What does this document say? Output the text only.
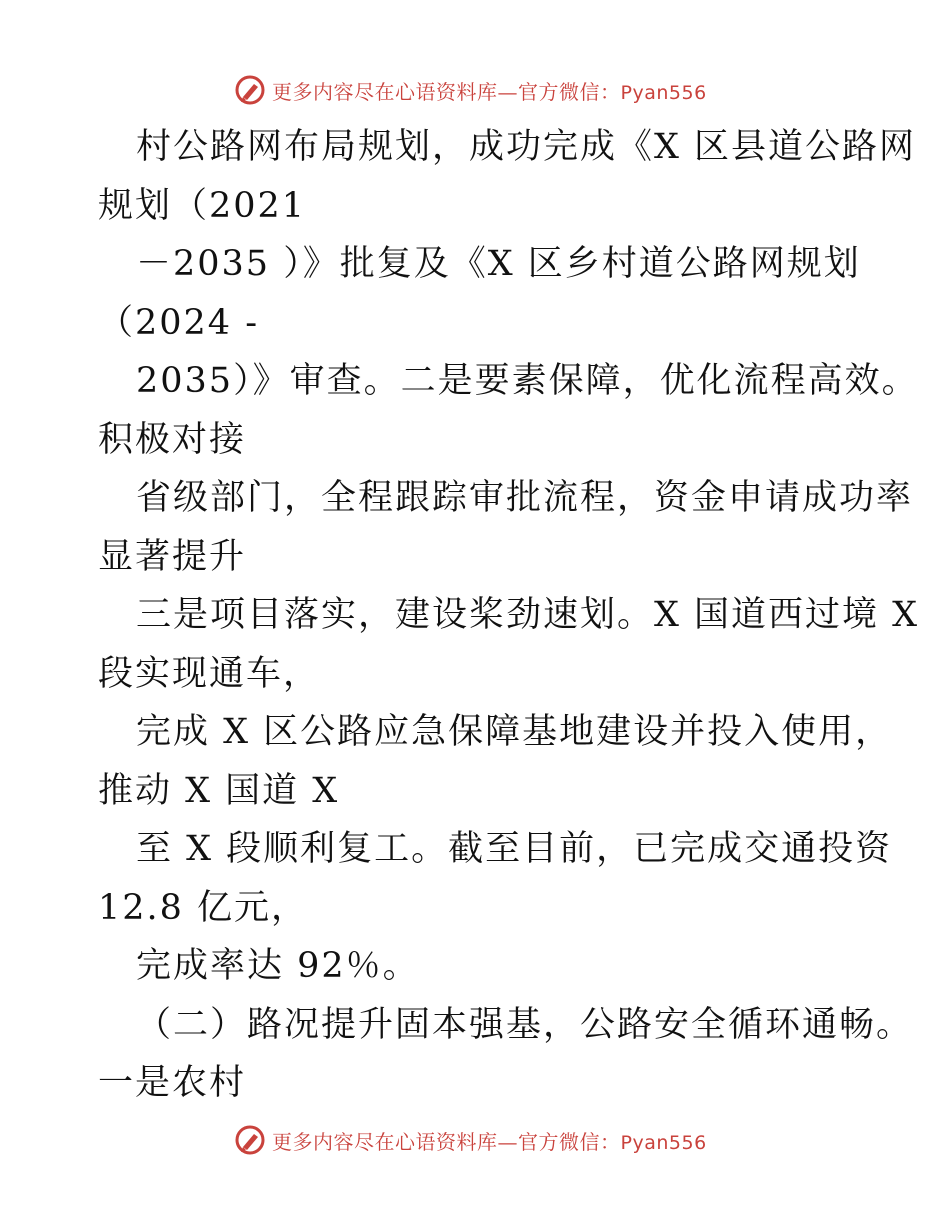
更多内容尽在心语资料库—官方微信：Pyan556
村公路网布局规划，成功完成《X 区县道公路网
规划（2021
－2035 ）》批复及《X 区乡村道公路网规划
（2024 -
2035）》审查。二是要素保障，优化流程高效。
积极对接
省级部门，全程跟踪审批流程，资金申请成功率
显著提升
三是项目落实，建设桨劲速划。X 国道西过境 X
段实现通车，
完成 X 区公路应急保障基地建设并投入使用，
推动 X 国道 X
至 X 段顺利复工。截至目前，已完成交通投资
12.8 亿元，
完成率达 92％。
（二）路况提升固本强基，公路安全循环通畅。
一是农村
更多内容尽在心语资料库—官方微信：Pyan556
